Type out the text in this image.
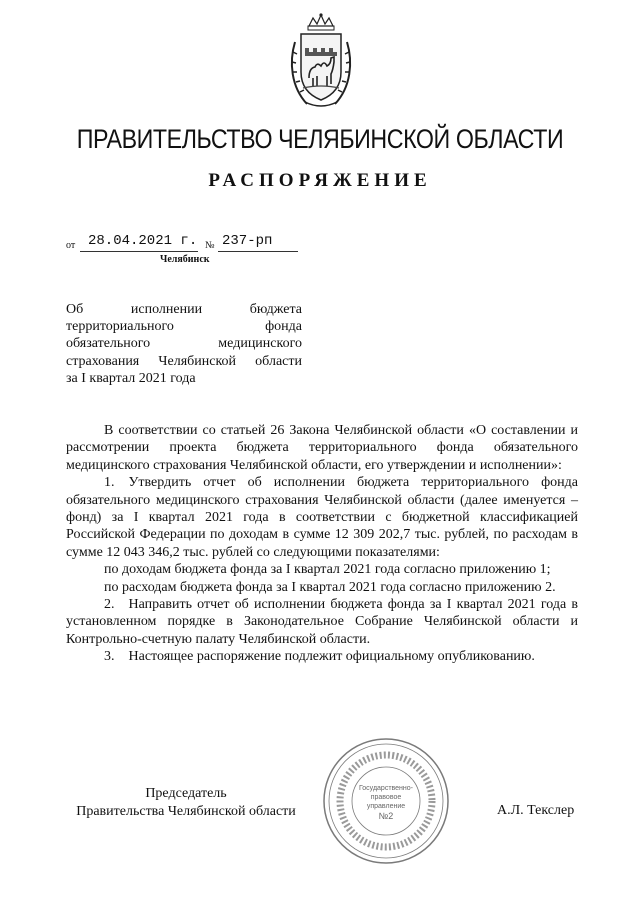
ПРАВИТЕЛЬСТВО ЧЕЛЯБИНСКОЙ ОБЛАСТИ
РАСПОРЯЖЕНИЕ
от 28.04.2021 г. № 237-рп
Челябинск
Об исполнении бюджета
территориального фонда
обязательного медицинского
страхования Челябинской области
за I квартал 2021 года

В соответствии со статьей 26 Закона Челябинской области «О составлении и рассмотрении проекта бюджета территориального фонда обязательного медицинского страхования Челябинской области, его утверждении и исполнении»:

1. Утвердить отчет об исполнении бюджета территориального фонда обязательного медицинского страхования Челябинской области (далее именуется – фонд) за I квартал 2021 года в соответствии с бюджетной классификацией Российской Федерации по доходам в сумме 12 309 202,7 тыс. рублей, по расходам в сумме 12 043 346,2 тыс. рублей со следующими показателями:

по доходам бюджета фонда за I квартал 2021 года согласно приложению 1;

по расходам бюджета фонда за I квартал 2021 года согласно приложению 2.

2. Направить отчет об исполнении бюджета фонда за I квартал 2021 года в установленном порядке в Законодательное Собрание Челябинской области и Контрольно-счетную палату Челябинской области.

3. Настоящее распоряжение подлежит официальному опубликованию.

Председатель
Правительства Челябинской области	А.Л. Текслер
Государственно-
правовое
управление
№2
